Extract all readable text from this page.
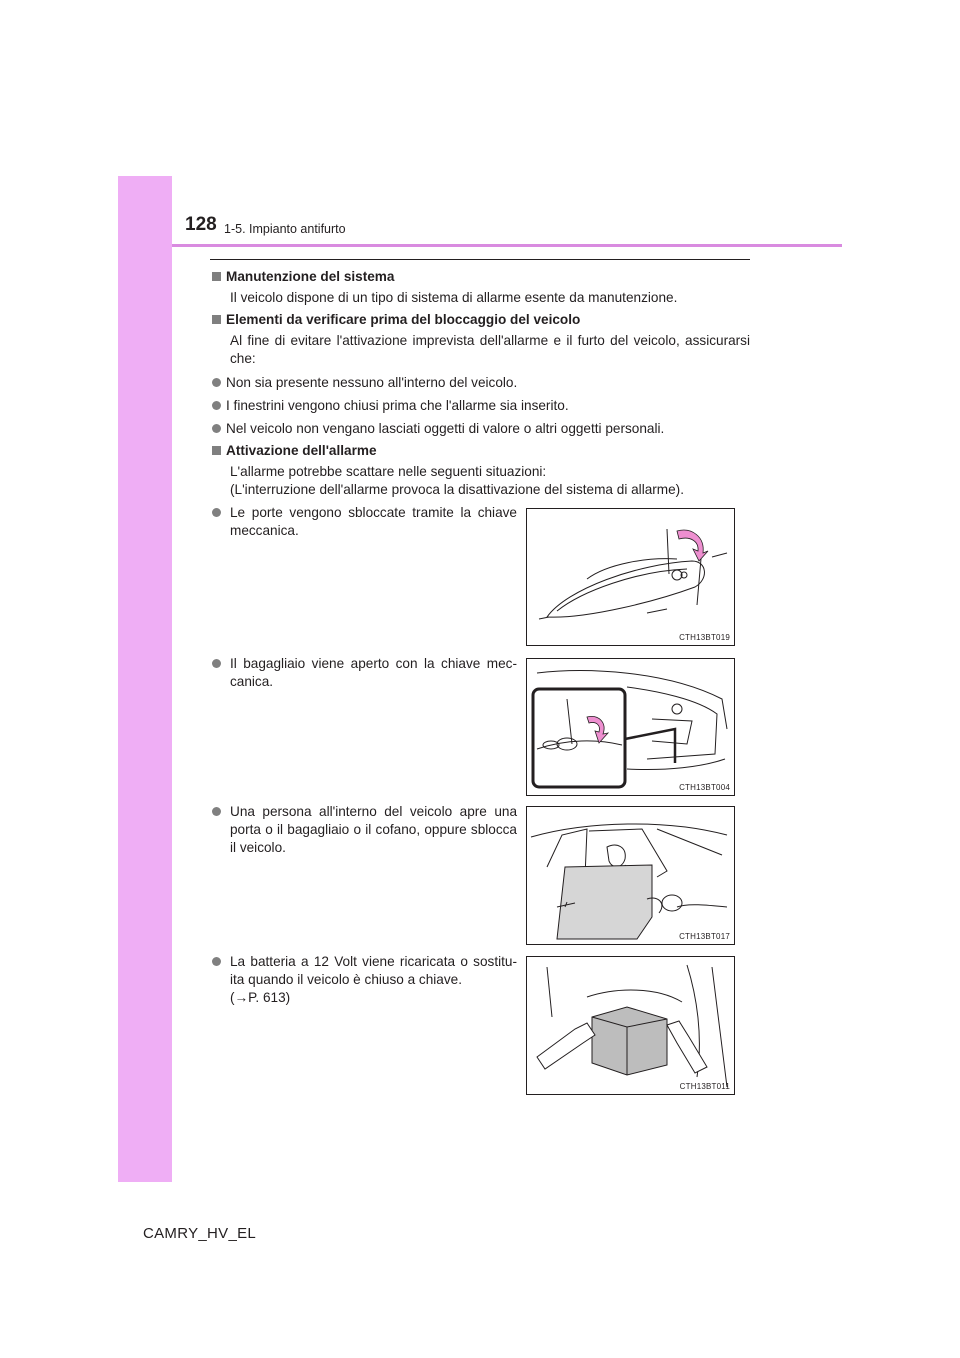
128 1-5. Impianto antifurto
Manutenzione del sistema
Il veicolo dispone di un tipo di sistema di allarme esente da manutenzione.
Elementi da verificare prima del bloccaggio del veicolo
Al fine di evitare l'attivazione imprevista dell'allarme e il furto del veicolo, assicurarsi che:
Non sia presente nessuno all'interno del veicolo.
I finestrini vengono chiusi prima che l'allarme sia inserito.
Nel veicolo non vengano lasciati oggetti di valore o altri oggetti personali.
Attivazione dell'allarme
L'allarme potrebbe scattare nelle seguenti situazioni:
(L'interruzione dell'allarme provoca la disattivazione del sistema di allarme).
Le porte vengono sbloccate tramite la chiave meccanica.
CTH13BT019
Il bagagliaio viene aperto con la chiave mec-canica.
CTH13BT004
Una persona all'interno del veicolo apre una porta o il bagagliaio o il cofano, oppure sblocca il veicolo.
CTH13BT017
La batteria a 12 Volt viene ricaricata o sostitu-ita quando il veicolo è chiuso a chiave.
(→P. 613)
CTH13BT011
CAMRY_HV_EL
